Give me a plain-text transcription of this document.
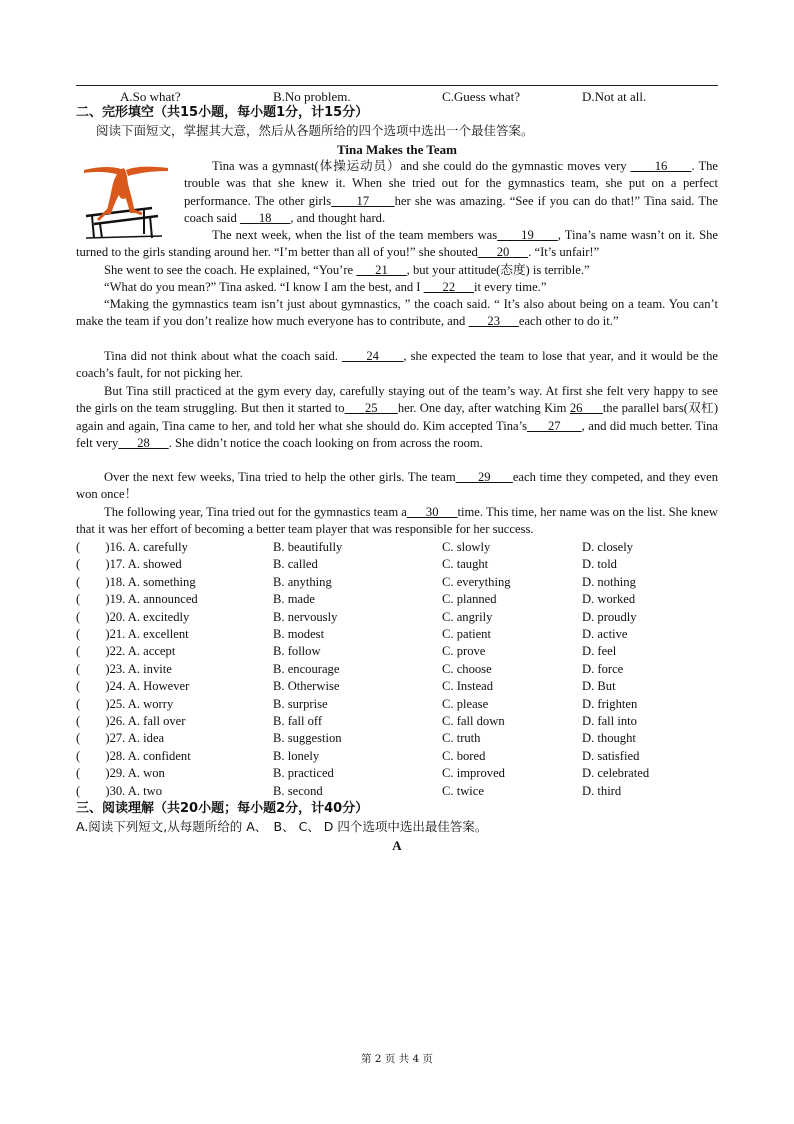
A.So what?	B.No problem.	C.Guess what?	D.Not at all.
二、完形填空（共15小题，每小题1分，计15分）
阅读下面短文，掌握其大意，然后从各题所给的四个选项中选出一个最佳答案。
Tina Makes the Team
Tina was a gymnast(体操运动员）and she could do the gymnastic moves very       16 . The trouble was that she knew it. When she tried out for the gymnastics team, she put on a perfect performance. The other girls 17 her she was amazing. “See if you can do that!” Tina said. The coach said       18 , and thought hard.
The next week, when the list of the team members was 19 , Tina’s name wasn’t on it. She turned to the girls standing around her. “I’m better than all of you!” she shouted 20 . “It’s unfair!”
She went to see the coach. He explained, “You’re       21 , but your attitude(态度) is terrible.”
“What do you mean?” Tina asked. “I know I am the best, and I       22 it every time.”
“Making the gymnastics team isn’t just about gymnastics, ” the coach said. “ It’s also about being on a team. You can’t make the team if you don’t realize how much everyone has to contribute, and       23 each other to do it.”
Tina did not think about what the coach said.       24 , she expected the team to lose that year, and it would be the coach’s fault, for not picking her.
But Tina still practiced at the gym every day, carefully staying out of the team’s way. At first she felt very happy to see the girls on the team struggling. But then it started to 25 her. One day, after watching Kim 26 the parallel bars(双杠) again and again, Tina came to her, and told her what she should do. Kim accepted Tina’s 27 , and did much better. Tina felt very 28 . She didn’t notice the coach looking on from across the room.
Over the next few weeks, Tina tried to help the other girls. The team 29 each time they competed, and they even won once！
The following year, Tina tried out for the gymnastics team a 30 time. This time, her name was on the list. She knew that it was her effort of becoming a better team player that was responsible for her success.
(　　)16. A. carefully	B. beautifully	C. slowly	D. closely
(　　)17. A. showed	B. called	C. taught	D. told
(　　)18. A. something	B. anything	C. everything	D. nothing
(　　)19. A. announced	B. made	C. planned	D. worked
(　　)20. A. excitedly	B. nervously	C. angrily	D. proudly
(　　)21. A. excellent	B. modest	C. patient	D. active
(　　)22. A. accept	B. follow	C. prove	D. feel
(　　)23. A. invite	B. encourage	C. choose	D. force
(　　)24. A. However	B. Otherwise	C. Instead	D. But
(　　)25. A. worry	B. surprise	C. please	D. frighten
(　　)26. A. fall over	B. fall off	C. fall down	D. fall into
(　　)27. A. idea	B. suggestion	C. truth	D. thought
(　　)28. A. confident	B. lonely	C. bored	D. satisfied
(　　)29. A. won	B. practiced	C. improved	D. celebrated
(　　)30. A. two	B. second	C. twice	D. third
三、阅读理解（共20小题；每小题2分，计40分）
A.阅读下列短文,从每题所给的 A、　B、 C、 D 四个选项中选出最佳答案。
A
第 2 页 共 4 页
